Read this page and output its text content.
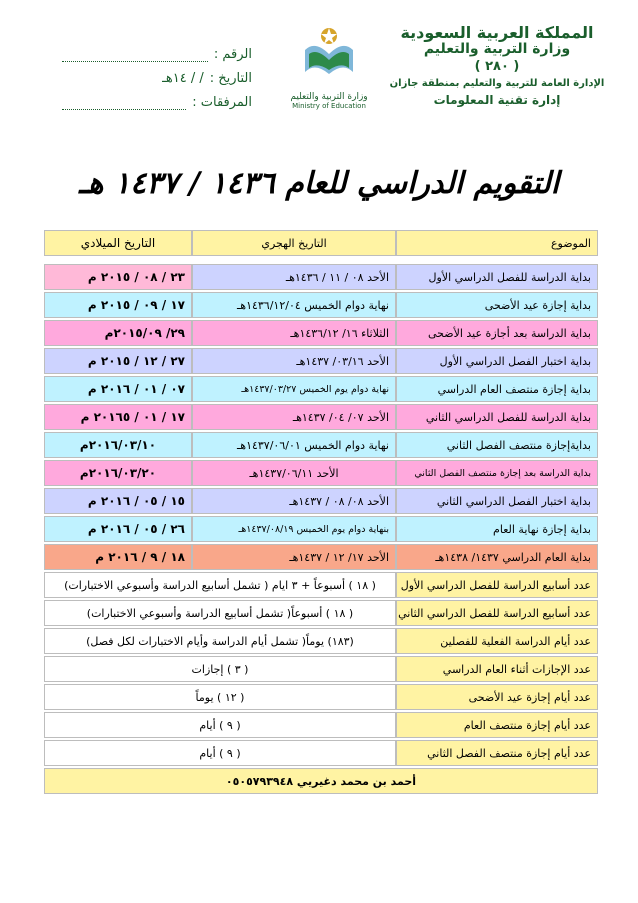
المملكة العربية السعودية
وزارة التربية والتعليم
( ٢٨٠ )
الإدارة العامة للتربية والتعليم بمنطقة جازان
إدارة تقنية المعلومات
وزارة التربية والتعليم
Ministry of Education
الرقم :
التاريخ :
/ / ١٤هـ
المرفقات :
التقويم الدراسي للعام ١٤٣٦ / ١٤٣٧ هـ
الموضوع	التاريخ الهجري	التاريخ الميلادي

بداية الدراسة للفصل الدراسي الأول	الأحد ٠٨ / ١١ / ١٤٣٦هـ	٢٣ / ٠٨ / ٢٠١٥ م
بداية إجازة عيد الأضحى	نهاية دوام الخميس ١٤٣٦/١٢/٠٤هـ	١٧ / ٠٩ / ٢٠١٥ م
بداية الدراسة بعد أجازة عيد الأضحى	الثلاثاء ١٦/ ١٤٣٦/١٢هـ	٢٩/ ٢٠١٥/٠٩م
بداية اختبار الفصل الدراسي الأول	الأحد ٠٣/١٦/ ١٤٣٧هـ	٢٧ / ١٢ / ٢٠١٥ م
بداية إجازة منتصف العام الدراسي	نهاية دوام يوم الخميس ١٤٣٧/٠٣/٢٧هـ	٠٧ / ٠١ / ٢٠١٦ م
بداية الدراسة للفصل الدراسي الثاني	الأحد ٠٧/ ٠٤/ ١٤٣٧هـ	١٧ / ٠١ / ٢٠١٦٥ م
بدايةإجازة منتصف الفصل الثاني	نهاية دوام الخميس ١٤٣٧/٠٦/٠١هـ	٢٠١٦/٠٣/١٠م
بداية الدراسة بعد إجازة منتصف الفصل الثاني	الأحد ١٤٣٧/٠٦/١١هـ	٢٠١٦/٠٣/٢٠م
بداية اختبار الفصل الدراسي الثاني	الأحد ٠٨/ ٠٨ / ١٤٣٧هـ	١٥ / ٠٥ / ٢٠١٦ م
بداية إجازة نهاية العام	بنهاية دوام يوم الخميس ١٤٣٧/٠٨/١٩هـ	٢٦ / ٠٥ / ٢٠١٦ م
بداية العام الدراسي ١٤٣٧/ ١٤٣٨هـ	الأحد ١٧/ ١٢ / ١٤٣٧هـ	١٨ / ٩ / ٢٠١٦ م
عدد أسابيع الدراسة للفصل الدراسي الأول	( ١٨ ) أسبوعاً + ٣ ايام ( تشمل أسابيع الدراسة وأسبوعي الاختبارات)	
عدد أسابيع الدراسة للفصل الدراسي الثاني	( ١٨ ) أسبوعاً( تشمل أسابيع الدراسة وأسبوعي الاختبارات)	
عدد أيام الدراسة الفعلية للفصلين	(١٨٣) يوماً( تشمل أيام الدراسة وأيام الاختبارات لكل فصل)	
عدد الإجازات أثناء العام الدراسي	( ٣ ) إجازات	
عدد أيام إجازة عيد الأضحى	( ١٢ ) يوماً	
عدد أيام إجازة منتصف العام	( ٩ ) أيام	
عدد أيام إجازة منتصف الفصل الثاني	( ٩ ) أيام	
أحمد بن محمد دغيريي ٠٥٠٥٧٩٣٩٤٨		
